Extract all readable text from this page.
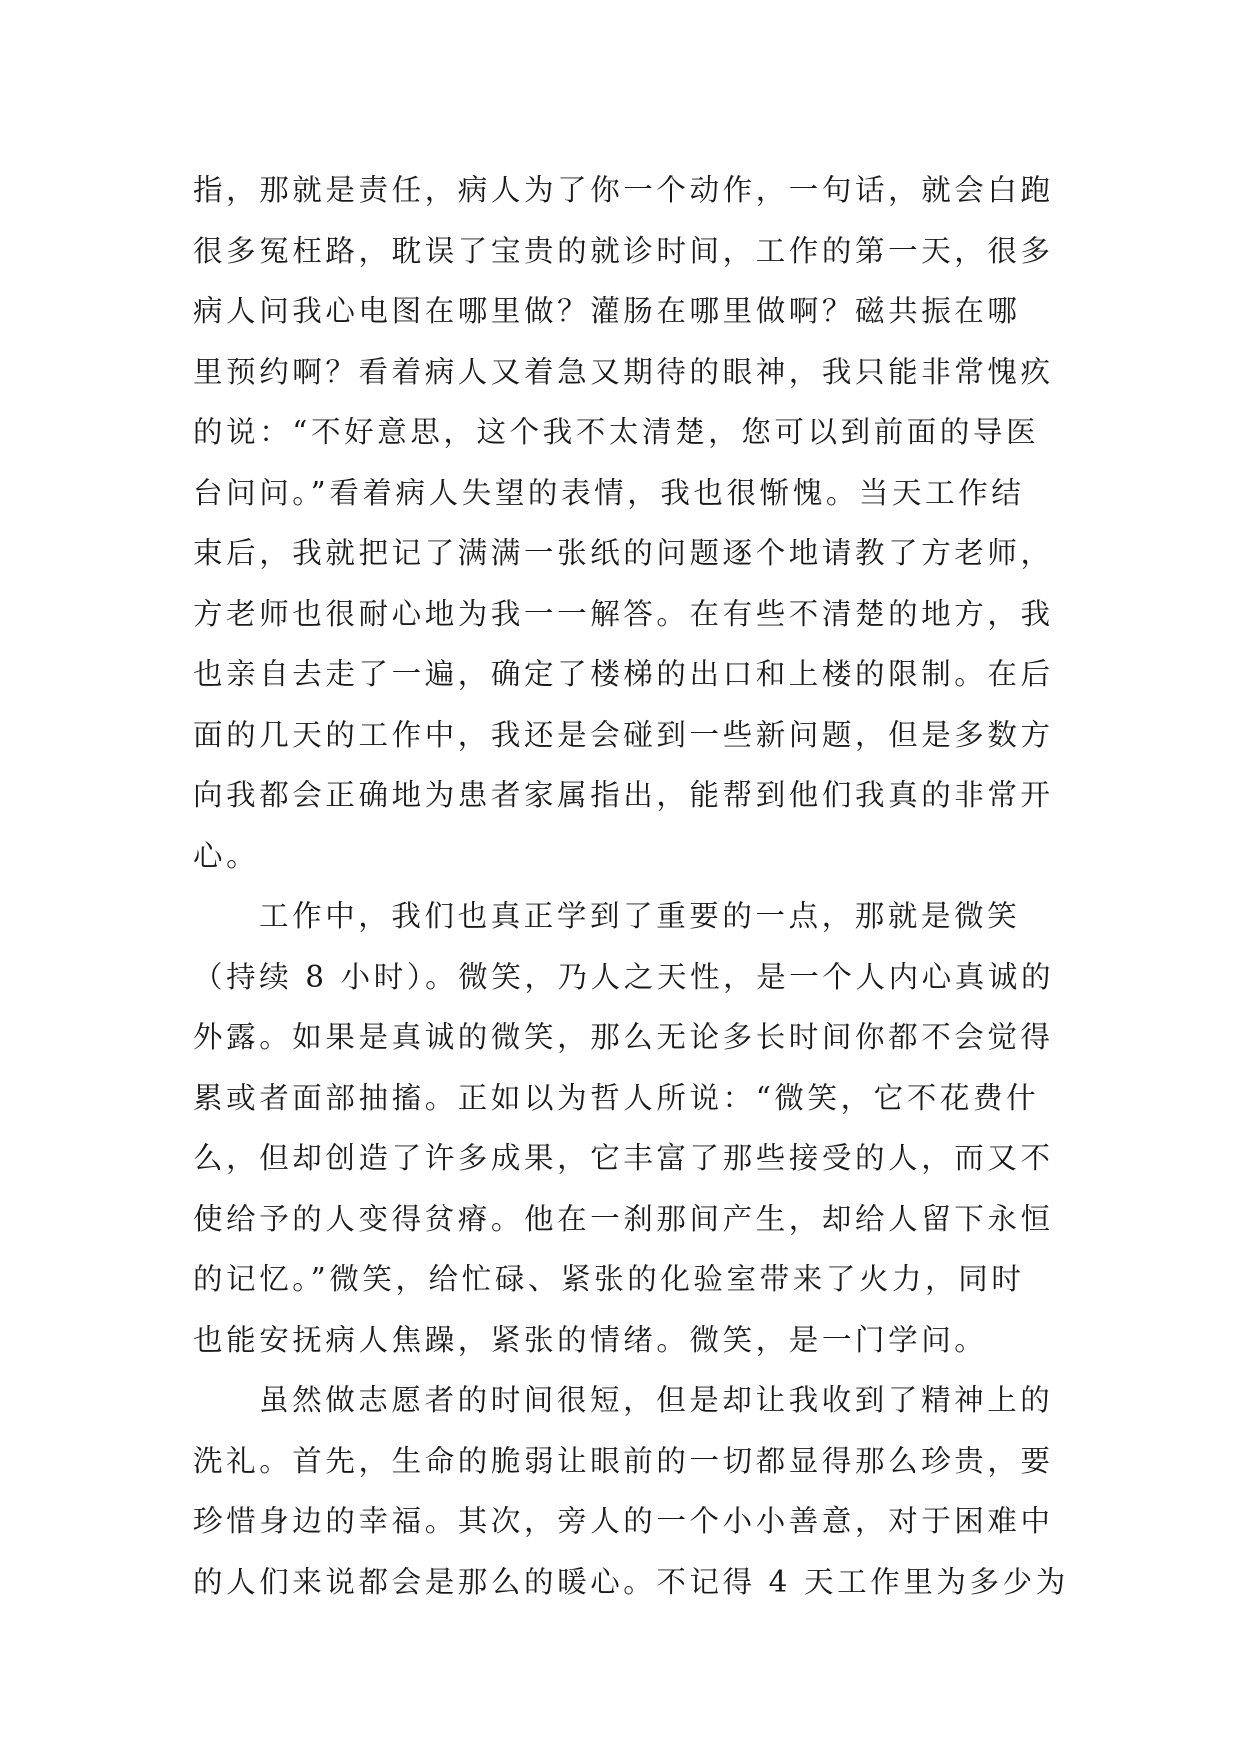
指，那就是责任，病人为了你一个动作，一句话，就会白跑
很多冤枉路，耽误了宝贵的就诊时间，工作的第一天，很多
病人问我心电图在哪里做？灌肠在哪里做啊？磁共振在哪
里预约啊？看着病人又着急又期待的眼神，我只能非常愧疚
的说：“不好意思，这个我不太清楚，您可以到前面的导医
台问问。”看着病人失望的表情，我也很惭愧。当天工作结
束后，我就把记了满满一张纸的问题逐个地请教了方老师，
方老师也很耐心地为我一一解答。在有些不清楚的地方，我
也亲自去走了一遍，确定了楼梯的出口和上楼的限制。在后
面的几天的工作中，我还是会碰到一些新问题，但是多数方
向我都会正确地为患者家属指出，能帮到他们我真的非常开
心。
工作中，我们也真正学到了重要的一点，那就是微笑
（持续 8 小时）。微笑，乃人之天性，是一个人内心真诚的
外露。如果是真诚的微笑，那么无论多长时间你都不会觉得
累或者面部抽搐。正如以为哲人所说：“微笑，它不花费什
么，但却创造了许多成果，它丰富了那些接受的人，而又不
使给予的人变得贫瘠。他在一刹那间产生，却给人留下永恒
的记忆。”微笑，给忙碌、紧张的化验室带来了火力，同时
也能安抚病人焦躁，紧张的情绪。微笑，是一门学问。
虽然做志愿者的时间很短，但是却让我收到了精神上的
洗礼。首先，生命的脆弱让眼前的一切都显得那么珍贵，要
珍惜身边的幸福。其次，旁人的一个小小善意，对于困难中
的人们来说都会是那么的暖心。不记得 4 天工作里为多少为
